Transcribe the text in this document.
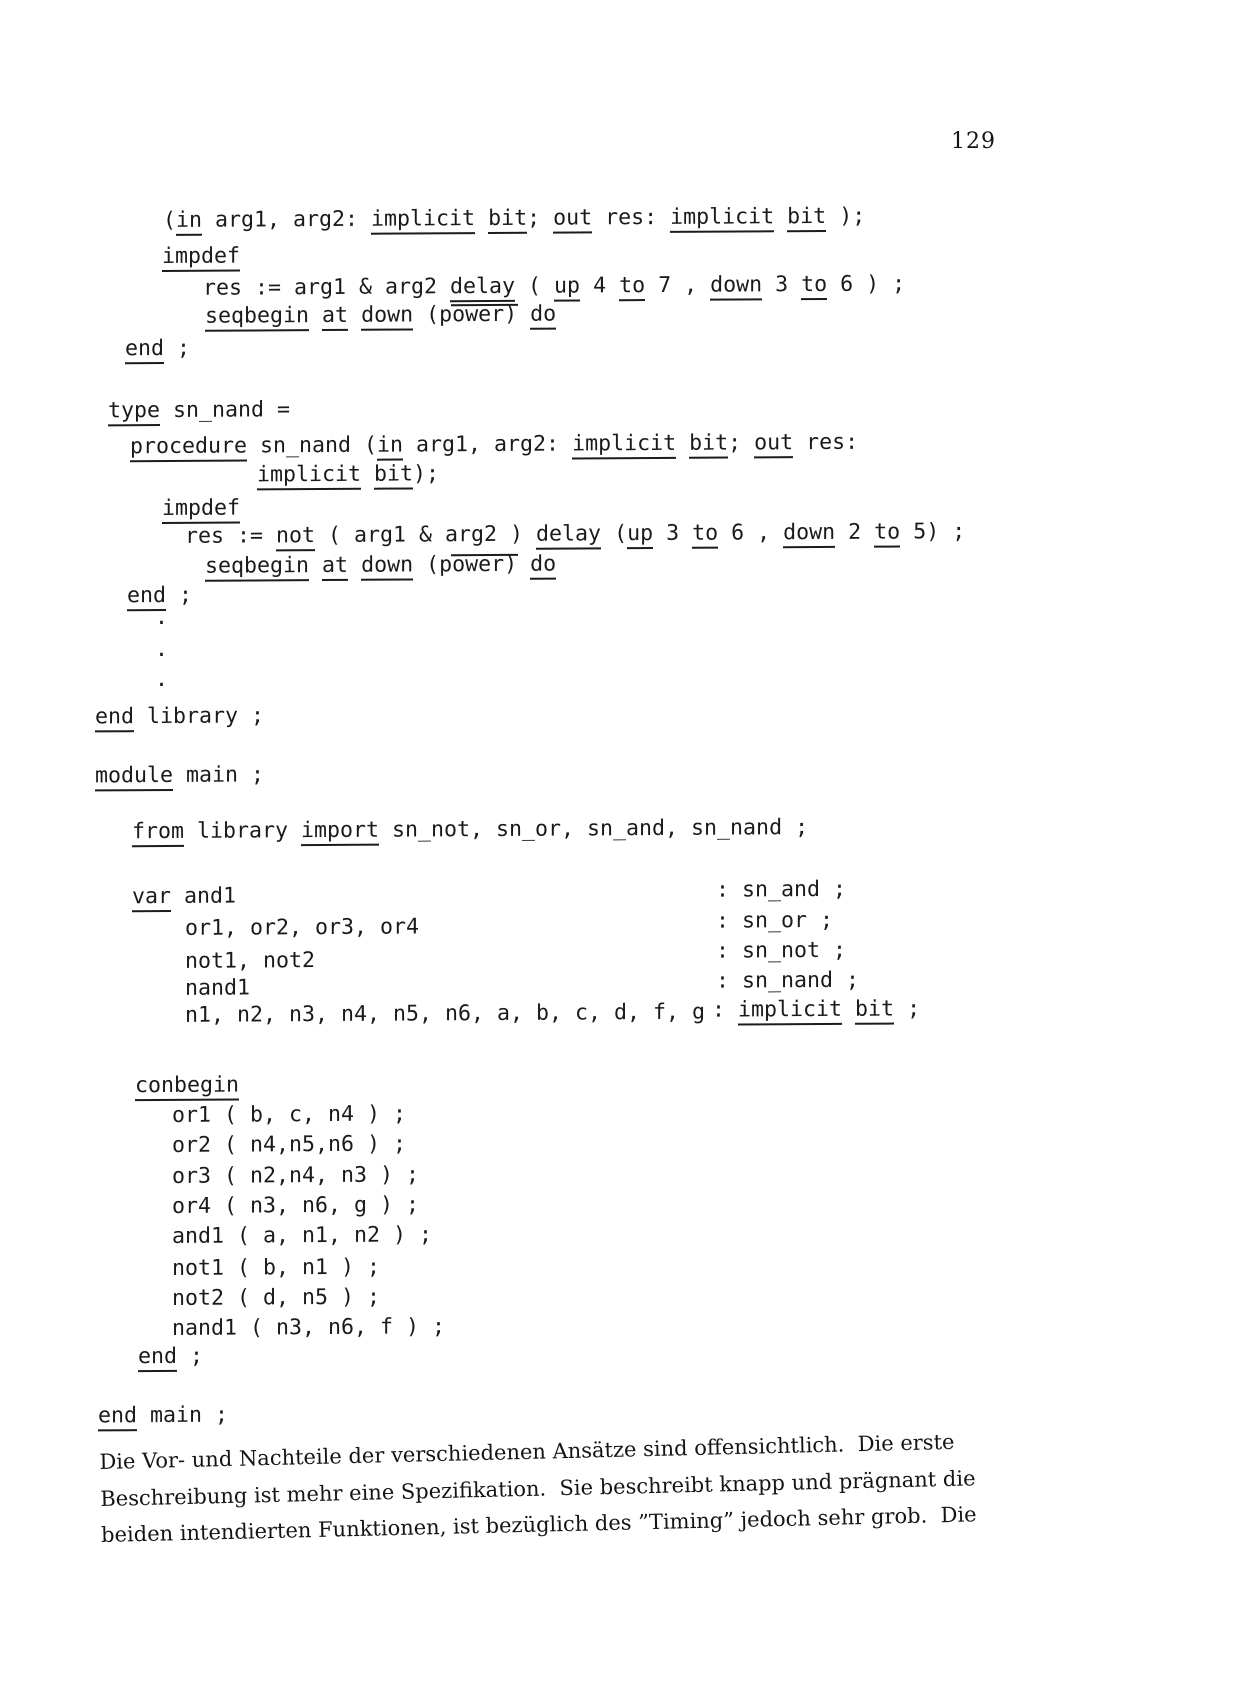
129
(in arg1, arg2: implicit bit; out res: implicit bit );
impdef
res := arg1 & arg2 delay ( up 4 to 7 , down 3 to 6 ) ;
seqbegin at down (power) do
end ;
type sn_nand =
procedure sn_nand (in arg1, arg2: implicit bit; out res:
implicit bit);
impdef
res := not ( arg1 & arg2 ) delay (up 3 to 6 , down 2 to 5) ;
seqbegin at down (power) do
end ;
.
.
.
end library ;
module main ;
from library import sn_not, sn_or, sn_and, sn_nand ;
var and1	: sn_and ;
or1, or2, or3, or4	: sn_or ;
not1, not2	: sn_not ;
nand1	: sn_nand ;
n1, n2, n3, n4, n5, n6, a, b, c, d, f, g : implicit bit ;
conbegin
or1 ( b, c, n4 ) ;
or2 ( n4,n5,n6 ) ;
or3 ( n2,n4, n3 ) ;
or4 ( n3, n6, g ) ;
and1 ( a, n1, n2 ) ;
not1 ( b, n1 ) ;
not2 ( d, n5 ) ;
nand1 ( n3, n6, f ) ;
end ;
end main ;
Die Vor- und Nachteile der verschiedenen Ansätze sind offensichtlich.  Die erste
Beschreibung ist mehr eine Spezifikation.  Sie beschreibt knapp und prägnant die
beiden intendierten Funktionen, ist bezüglich des ”Timing” jedoch sehr grob.  Die
